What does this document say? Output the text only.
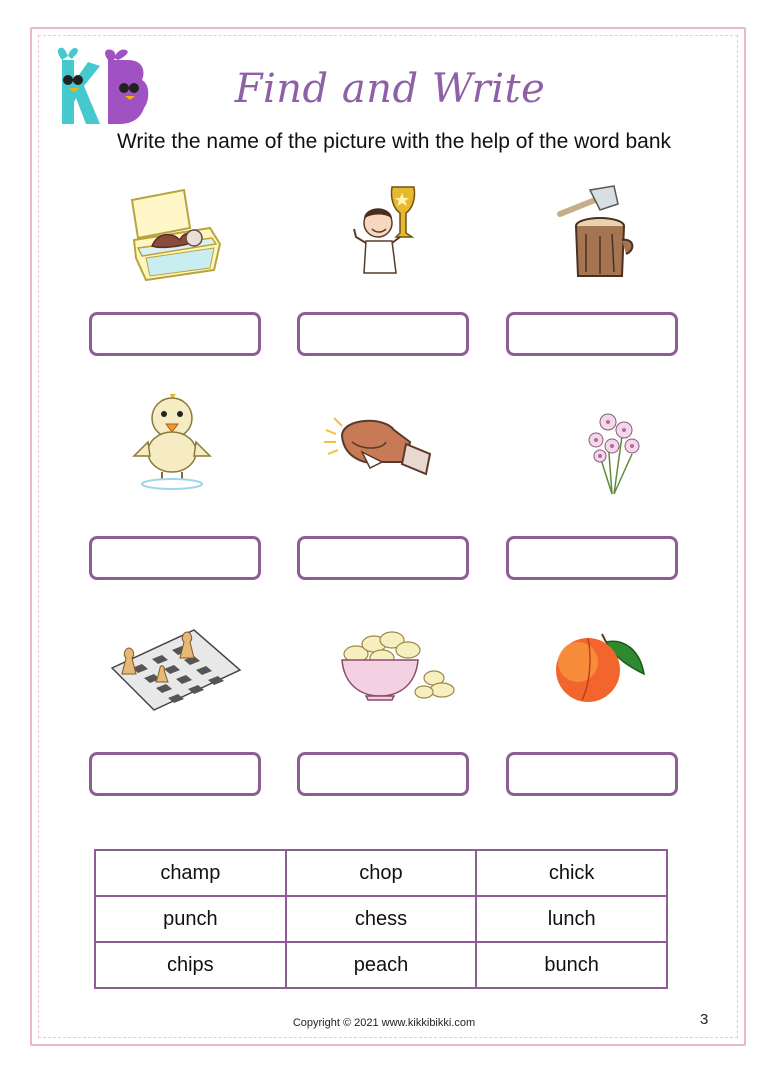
Find and Write
Write the name of the picture with the help of the word bank
champ	chop	chick
punch	chess	lunch
chips	peach	bunch
Copyright © 2021 www.kikkibikki.com	3
